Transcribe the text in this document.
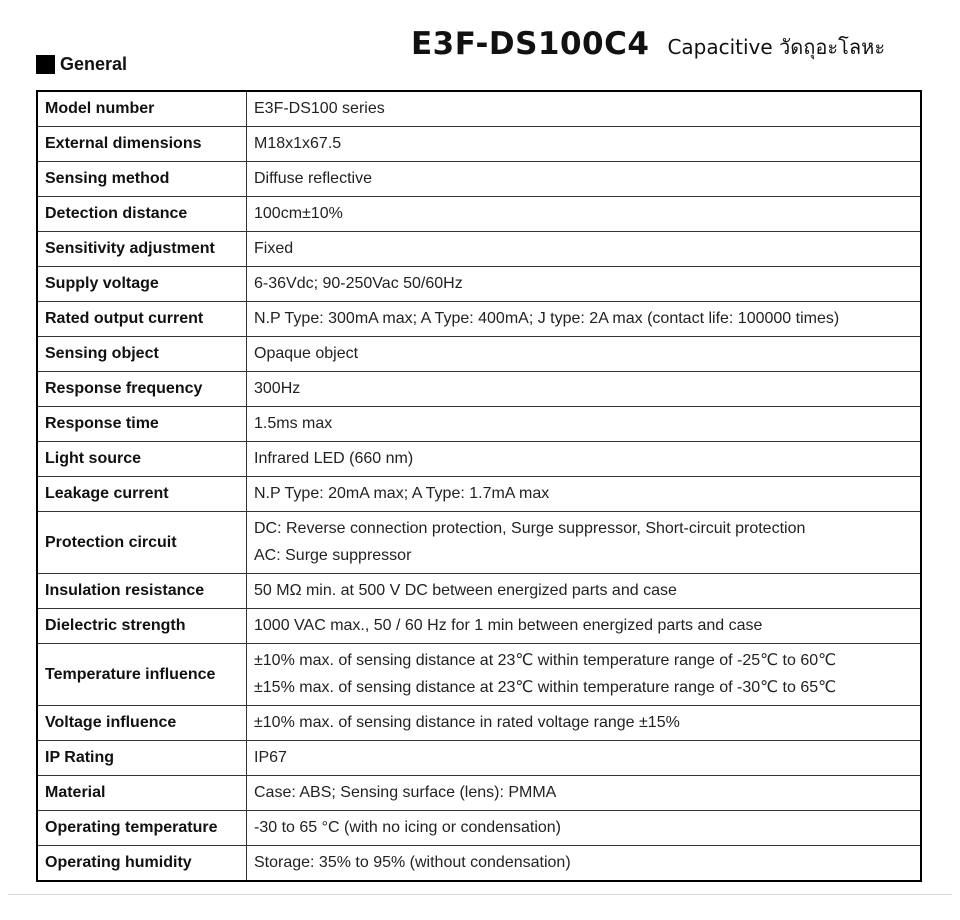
E3F-DS100C4 Capacitive วัดถุอะโลหะ
General
Model number	E3F-DS100 series

External dimensions	M18x1x67.5

Sensing method	Diffuse reflective

Detection distance	100cm±10%

Sensitivity adjustment	Fixed

Supply voltage	6-36Vdc; 90-250Vac 50/60Hz

Rated output current	N.P Type: 300mA max; A Type: 400mA; J type: 2A max (contact life: 100000 times)

Sensing object	Opaque object

Response frequency	300Hz

Response time	1.5ms max

Light source	Infrared LED (660 nm)

Leakage current	N.P Type: 20mA max; A Type: 1.7mA max

Protection circuit	DC: Reverse connection protection, Surge suppressor, Short-circuit protection
AC: Surge suppressor

Insulation resistance	50 MΩ min. at 500 V DC between energized parts and case

Dielectric strength	1000 VAC max., 50 / 60 Hz for 1 min between energized parts and case

Temperature influence	±10% max. of sensing distance at 23℃ within temperature range of -25℃ to 60℃
±15% max. of sensing distance at 23℃ within temperature range of -30℃ to 65℃

Voltage influence	±10% max. of sensing distance in rated voltage range ±15%

IP Rating	IP67

Material	Case: ABS; Sensing surface (lens): PMMA

Operating temperature	-30 to 65 °C (with no icing or condensation)

Operating humidity	Storage: 35% to 95% (without condensation)
